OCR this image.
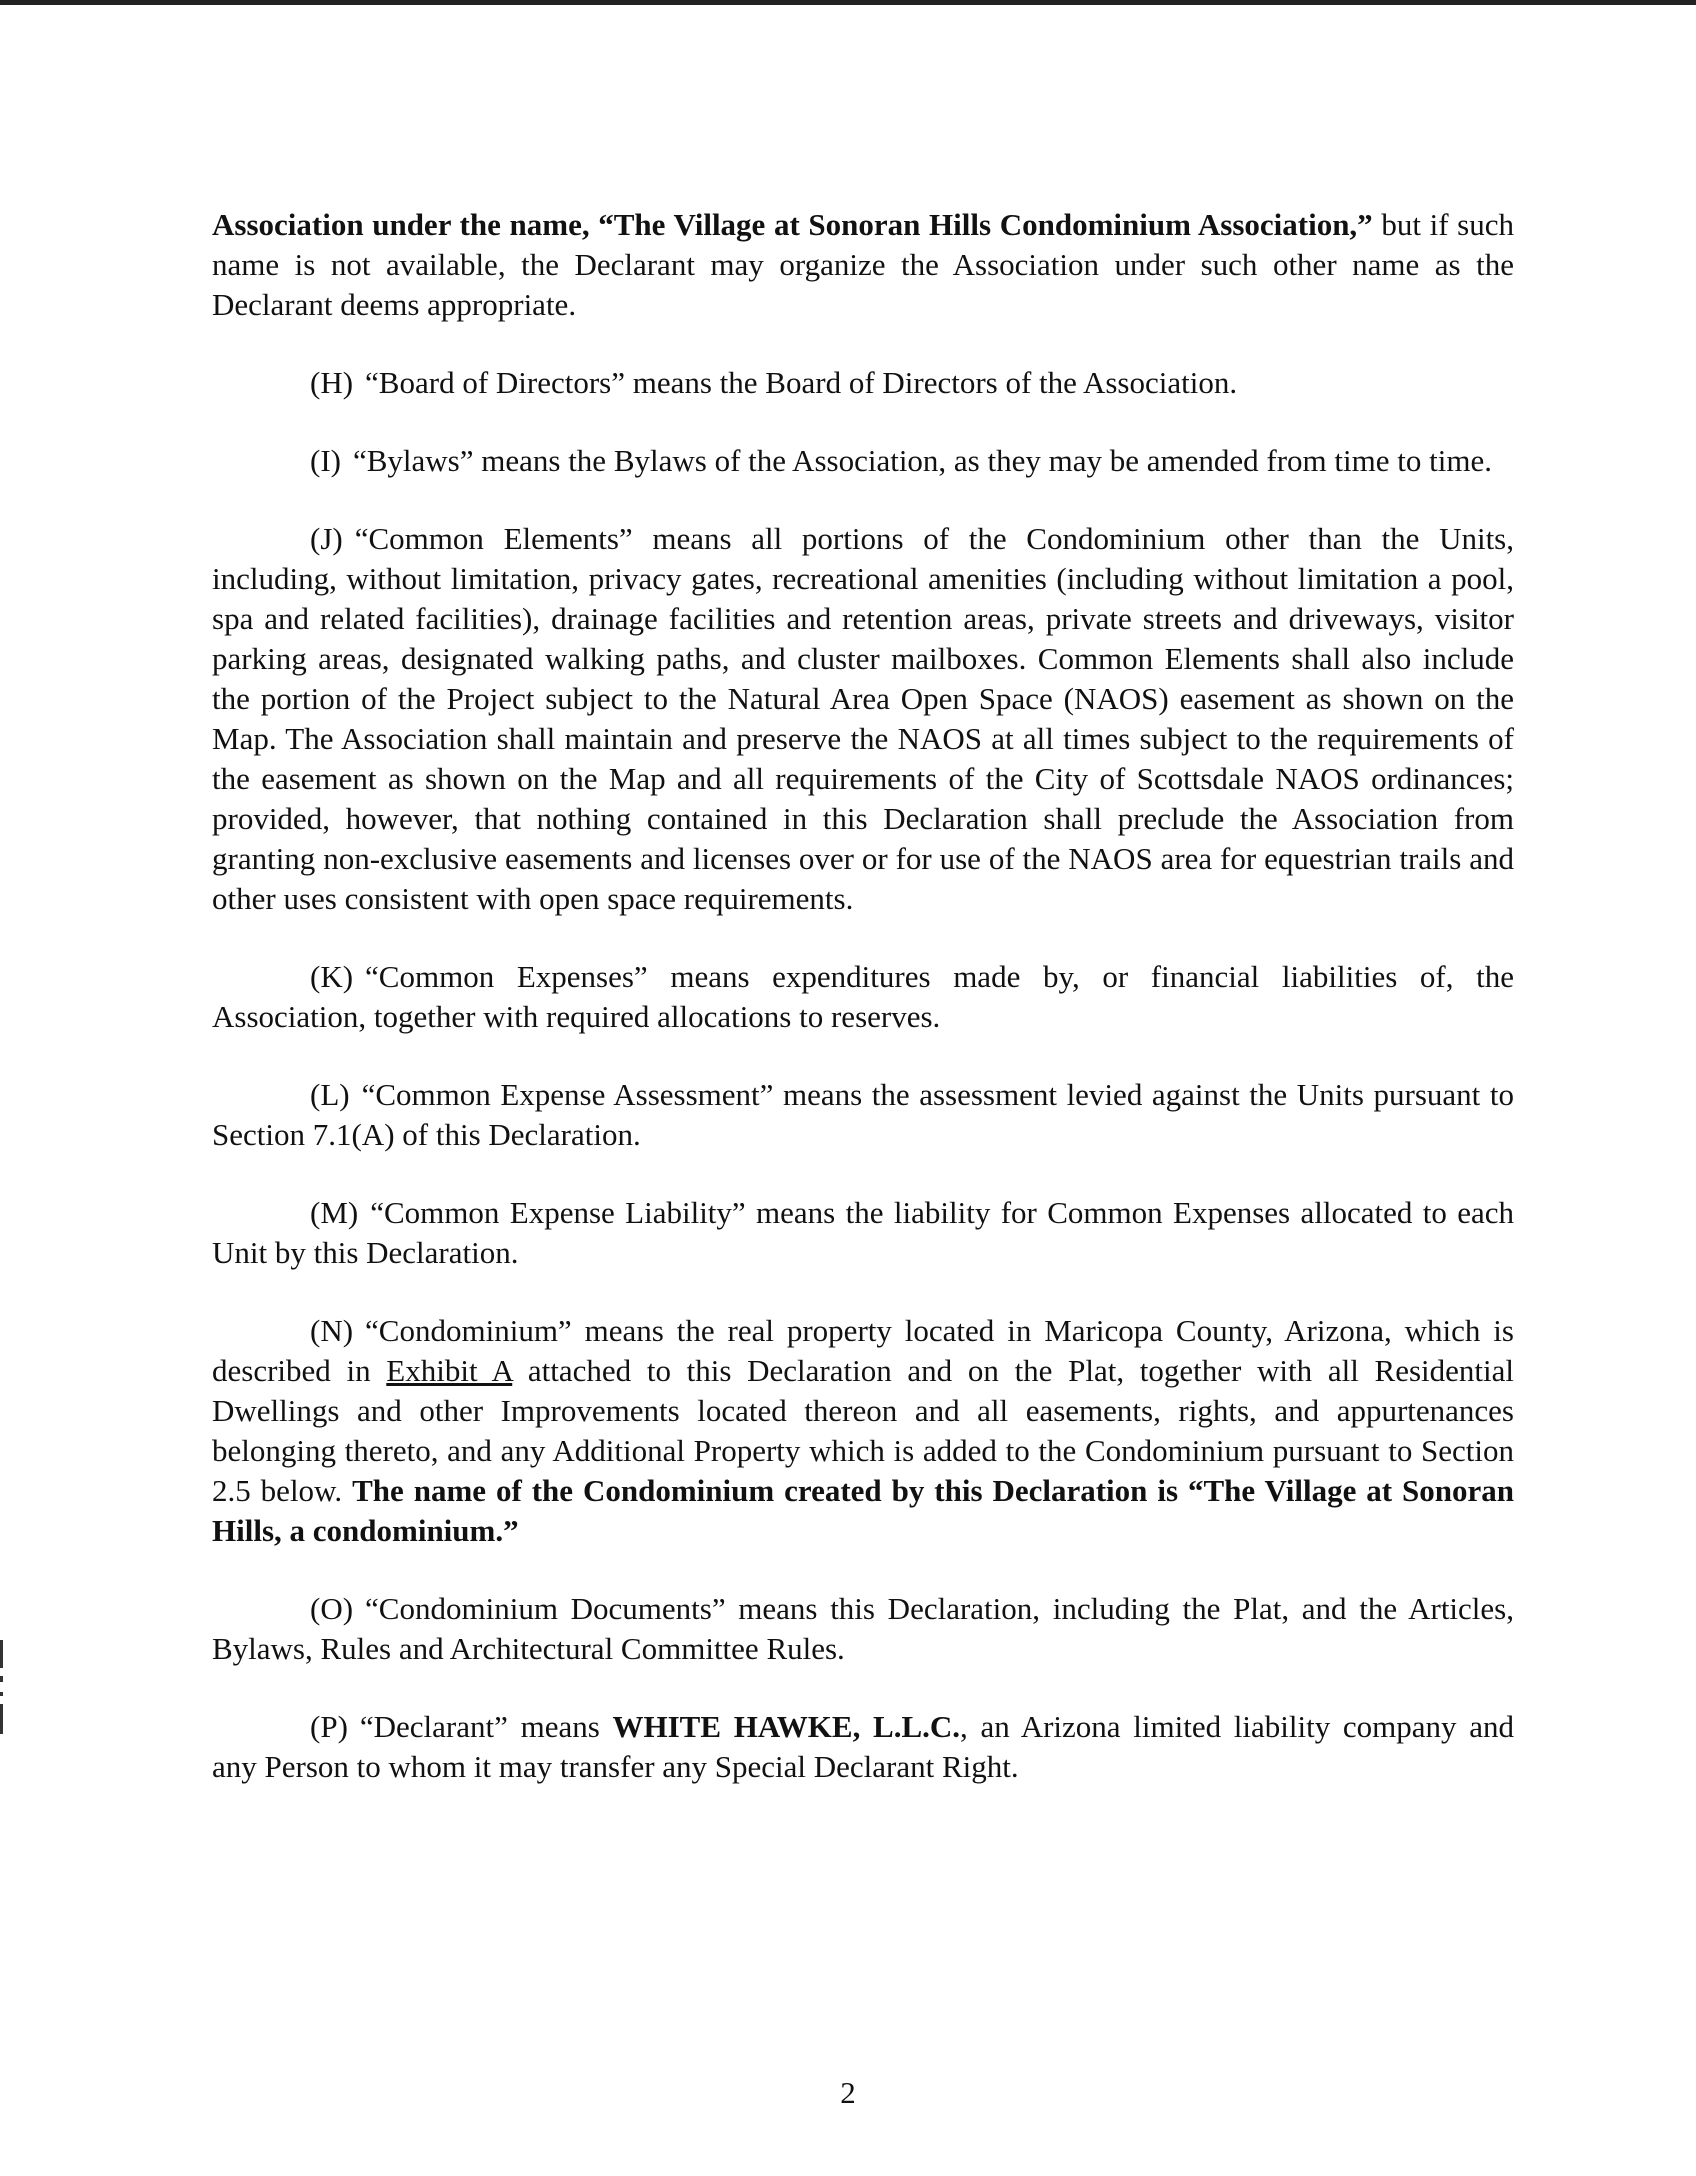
Association under the name, “The Village at Sonoran Hills Condominium Association,” but if such name is not available, the Declarant may organize the Association under such other name as the Declarant deems appropriate.

(H) “Board of Directors” means the Board of Directors of the Association.

(I) “Bylaws” means the Bylaws of the Association, as they may be amended from time to time.

(J) “Common Elements” means all portions of the Condominium other than the Units, including, without limitation, privacy gates, recreational amenities (including without limitation a pool, spa and related facilities), drainage facilities and retention areas, private streets and driveways, visitor parking areas, designated walking paths, and cluster mailboxes. Common Elements shall also include the portion of the Project subject to the Natural Area Open Space (NAOS) easement as shown on the Map. The Association shall maintain and preserve the NAOS at all times subject to the requirements of the easement as shown on the Map and all requirements of the City of Scottsdale NAOS ordinances; provided, however, that nothing contained in this Declaration shall preclude the Association from granting non-exclusive easements and licenses over or for use of the NAOS area for equestrian trails and other uses consistent with open space requirements.

(K) “Common Expenses” means expenditures made by, or financial liabilities of, the Association, together with required allocations to reserves.

(L) “Common Expense Assessment” means the assessment levied against the Units pursuant to Section 7.1(A) of this Declaration.

(M) “Common Expense Liability” means the liability for Common Expenses allocated to each Unit by this Declaration.

(N) “Condominium” means the real property located in Maricopa County, Arizona, which is described in Exhibit A attached to this Declaration and on the Plat, together with all Residential Dwellings and other Improvements located thereon and all easements, rights, and appurtenances belonging thereto, and any Additional Property which is added to the Condominium pursuant to Section 2.5 below. The name of the Condominium created by this Declaration is “The Village at Sonoran Hills, a condominium.”

(O) “Condominium Documents” means this Declaration, including the Plat, and the Articles, Bylaws, Rules and Architectural Committee Rules.

(P) “Declarant” means WHITE HAWKE, L.L.C., an Arizona limited liability company and any Person to whom it may transfer any Special Declarant Right.

2
